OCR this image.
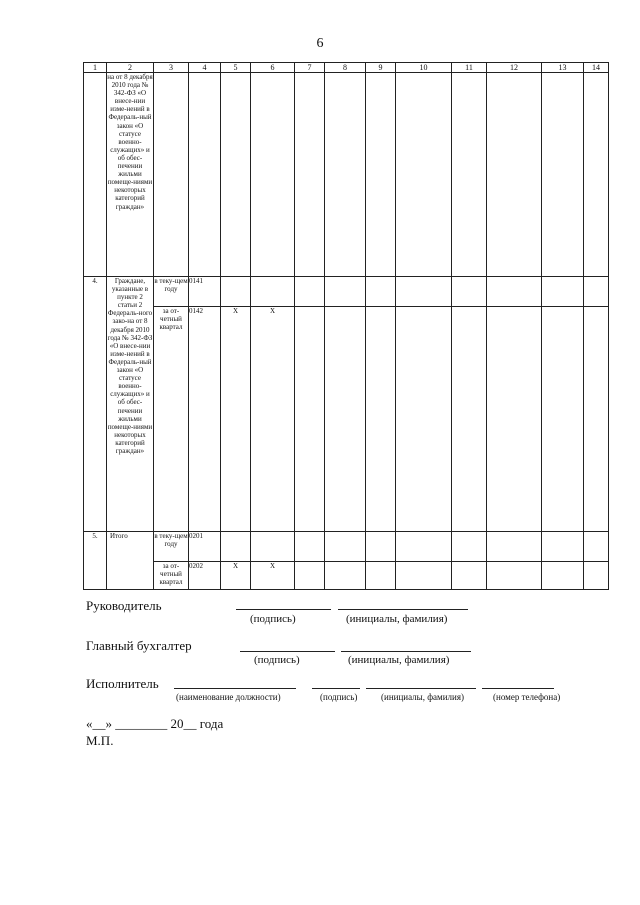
6
1	2	3	4	5	6	7	8	9	10	11	12	13	14
	на от 8 декабря 2010 года № 342-ФЗ «О внесе-нии изме-нений в Федераль-ный закон «О статусе военно-служащих» и об обес-печении жильми помеще-ниями некоторых категорий граждан»												
4.	Граждане, указанные в пункте 2 статьи 2 Федераль-ного зако-на от 8 декабря 2010 года № 342-ФЗ «О внесе-нии изме-нений в Федераль-ный закон «О статусе военно-служащих» и об обес-печении жильми помеще-ниями некоторых категорий граждан»	в теку-щем году	0141										
		за от-четный квартал	0142	X	X								
5.	Итого	в теку-щем году	0201										
		за от-четный квартал	0202	X	X								
Руководитель
(подпись)	(инициалы, фамилия)
Главный бухгалтер
(подпись)	(инициалы, фамилия)
Исполнитель
(наименование должности)	(подпись)	(инициалы, фамилия)	(номер телефона)
«__» ________ 20__ года
М.П.
